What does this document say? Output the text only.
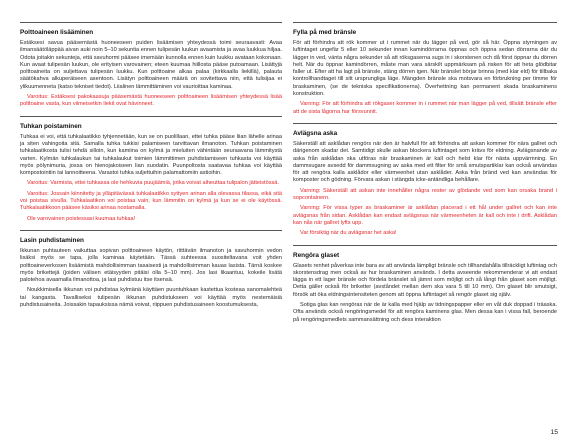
Polttoaineen lisääminen

Estäksesi savua pääsemästä huoneeseen puiden lisäämisen yhteydessä toimi seuraavasti: Avaa ilmansäätöläppää aivan auki noin 5–10 sekuntia ennen tulipesän luukun avaamista ja avaa luukkua hiljaa. Odota joitakin sekunteja, että savuhormi pääsee imemään kunnolla ennen kuin luukku avataan kokonaan. Kun avaat tulipesän luukun, ole erityisen varovainen; eteen kuumaa hiillosta pääse putoamaan. Lisättyjä polttoaineita on suljettava tulipesän luukku. Kun polttoaine alkaa palaa (kirkkaalla liekillä), palauta säätökahva alkuperäiseen asentoon. Lisätyn polttoaineen määrä on sovitettava niin, että tulisijaa ei ylikuumenneta (katso tekniset tiedot). Liialinen lämmittäminen voi vaurioittaa kaminaa.

Varoitus: Estäksesi pakokaasuja pääsemästä huoneeseen polttoaineen lisäämisen yhteydessä lisää polttoaine vasta, kun viimeisetkin liekit ovat hävinneet.

Tuhkan poistaminen

Tuhkaa ei voi, että tuhkalaatikko tyhjennetään, kun se on puolillaan, ettei tuhka pääse liian lähelle arinaa ja siten vahingoita sitä. Samalla tuhka tukkisi palamiseen tarvittavan ilmanoton. Tuhkan poistaminen tuhkalaatikosta tulisi tehdä silloin, kun kamiina on kylmä ja mieluiten vähintään seuraavana lämmitystä varten. Kylmän tuhkalaukun tai tuhkalaukut toimien lämmittimen puhdistamiseen tuhkasta voi käyttää myös pölynimuria, jossa on hienojakoiseen lian suodatin. Puunpoltosta saatavaa tuhkaa voi käyttää kompostointiin tai lannoitteena. Varastoi tuhka suljettuihin palamattomiin astioihin.

Varoitus: Varmista, ettei tuhkassa ole hehkuvia puujäämiä, jotka voivat aiheuttaa tulipalon jätteistössä.

Varoitus: Jossain kiinnitetty ja ylläpitävässä tuhkalaatikko syttyen arinan alla olevassa tilassa, eikä sitä voi poistaa sivulla. Tuhkalaatikon voi poistaa vain, kun lämmitin on kylmä ja kun se ei ole käytössä. Tuhkalaatikkoon pääsee käsiksi arinaa nostamalla.

Ole varovainen poistessasi kuumaa tuhkaa!

Lasin puhdistaminen

Ikkunan puhtauteen vaikuttaa sopivan polttoaineen käytön, riittävän ilmanoton ja savuhormin vedon lisäksi myös se tapa, jolla kaminaa käytetään. Tässä suhteessa suositeltavana voit yhden polttoaineverkosen lisäämistä mahdollisimman tasaisesti ja mahdollisimman kauas lasista. Tärnä koskee myös brikettejä (joiden välisen etäisyyden pitäisi olla 5–10 mm). Jos lasi likaantuu, kokeile lisätä palotehoa avaamalla ilmanottoa, ja lasi puhdistuu itse itsensä.

Noukkimisella ikkunan voi puhdistaa kylmänä käyttäen puuntuhkaan kastettua kosteaa sanomalehteä tai kangasta. Tavalliseksi tulipesän ikkunan puhdistukseen voi käyttää myös nestemäisiä puhdistusaineita. Joissakin tapauksissa nämä voivat, riippuen puhdistusaineen koostumuksesta,

Fylla på med bränsle

För att förhindra att rök kommer ut i rummet när du lägger på ved, gör så här. Öppna styrningen av luftintaget ungefär 5 eller 10 sekunder innan kamindörrarna öppnas och öppna sedan dörrarna där du lägger in ved, vänta några sekunder så att röksgaserna sugs in i skorstenen och då först öppnar du dörren helt. När du öppnar kamindörren, måste man vara särskilt uppmärksam på risken för att heta glödbitar faller ut. Efter att ha lagt på bränsle, stäng dörren igen. När bränslet börjar brinna (med klar eld) för tillbaka kontrollhandtaget till sitt ursprungliga läge. Mängden bränsle ska motsvara en förbrukning per timme för braskaminen, (se de tekniska specifikationerna). Överhettning kan permanent skada braskaminens konstruktion.

Varning: För att förhindra att rökgaser kommer in i rummet när man lägger på ved, tillsätt bränsle efter att de sista lågorna har försvunnit.

Avlägsna aska

Säkerställ att asklådan rengörs när den är halvfull för att förhindra att askan kommer för nära gallret och därigenom skadar det. Samtidigt skulle askan blockera luftintaget som krävs för eldning. Avlägsnande av aska från asklådan ska utföras när braskaminen är kall och helst klar för nästa uppvärmning. En dammsugare avsedd för dammsugning av aska med ett filter för små smutspartiklar kan också användas för att rengöra kalla asklådor eller värmeenhet utan asklåder. Aska från bränd ved kan användas för komposter och gödning. Förvara askan i stängda icke-antändliga behållare.

Varning: Säkerställ att askan inte innehåller några rester av glödande ved som kan orsaka brand i sopcontainern.

Varning: För vissa typer av braskaminer är asklådan placerad i ett hål under gallret och kan inte avlägsnas från sidan. Asklådan kan endast avlägsnas när värmeenheten är kall och inte i drift. Asklådan kan nås när gallret lyfts upp.

Var försiktig när du avlägsnar het aska!

Rengöra glaset

Glasets renhet påverkas inte bara av att använda lämpligt bränsle och tillhandahålla tillräckligt luftintag och skorstensdrag men också av hur braskaminen används. I detta avseende rekommenderar vi att endast lägga in ett lager bränsle och fördela bränslet så jämnt som möjligt och så långt från glaset som möjligt. Detta gäller också för briketter (avståndet mellan dem ska vara 5 till 10 mm). Om glaset blir smutsigt, försök att öka eldningsintensiteten genom att öppna luftintaget så rengör glaset sig själv.

Sotiga glas kan rengöras när de är kalla med hjälp av tidningspapper eller en våt duk doppad i träaska. Ofta används också rengöringsmedel för att rengöra kaminens glas. Men dessa kan i vissa fall, beroende på rengöringsmedlets sammansättning och dess interaktion

15
